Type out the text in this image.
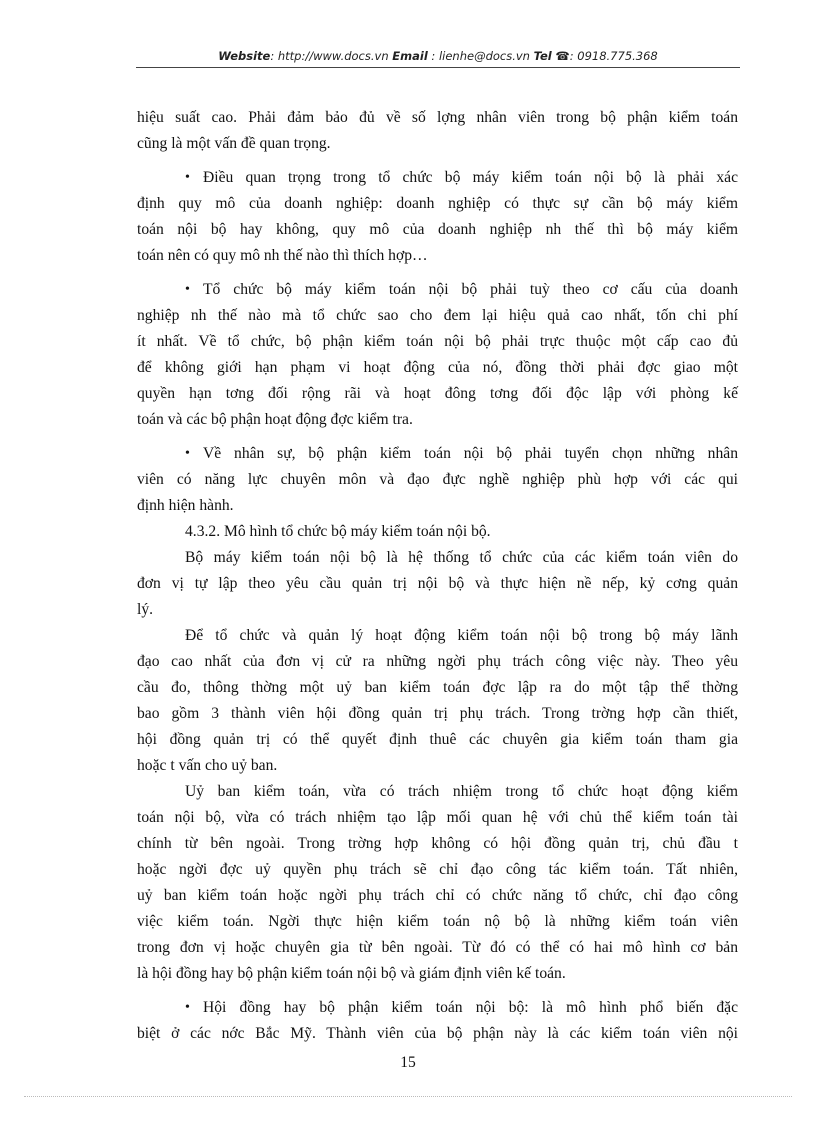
Website: http://www.docs.vn Email : lienhe@docs.vn Tel ☎: 0918.775.368

hiệu suất cao. Phải đảm bảo đủ về số lợng nhân viên trong bộ phận kiểm toán

cũng là một vấn đề quan trọng.

• Điều quan trọng trong tổ chức bộ máy kiểm toán nội bộ là phải xác

định quy mô của doanh nghiệp: doanh nghiệp có thực sự cần bộ máy kiểm

toán nội bộ hay không, quy mô của doanh nghiệp nh thế thì bộ máy kiểm

toán nên có quy mô nh thế nào thì thích hợp…

• Tổ chức bộ máy kiểm toán nội bộ phải tuỳ theo cơ cấu của doanh

nghiệp nh thế nào mà tổ chức sao cho đem lại hiệu quả cao nhất, tốn chi phí

ít nhất. Về tổ chức, bộ phận kiểm toán nội bộ phải trực thuộc một cấp cao đủ

để không giới hạn phạm vi hoạt động của nó, đồng thời phải đợc giao một

quyền hạn tơng đối rộng rãi và hoạt đông tơng đối độc lập với phòng kế

toán và các bộ phận hoạt động đợc kiểm tra.

• Về nhân sự, bộ phận kiểm toán nội bộ phải tuyển chọn những nhân

viên có năng lực chuyên môn và đạo đực nghề nghiệp phù hợp với các qui

định hiện hành.

4.3.2. Mô hình tổ chức bộ máy kiểm toán nội bộ.

Bộ máy kiểm toán nội bộ là hệ thống tổ chức của các kiểm toán viên do

đơn vị tự lập theo yêu cầu quản trị nội bộ và thực hiện nề nếp, kỷ cơng quản

lý.

Để tổ chức và quản lý hoạt động kiểm toán nội bộ trong bộ máy lãnh

đạo cao nhất của đơn vị cử ra những ngời phụ trách công việc này. Theo yêu

cầu đo, thông thờng một uỷ ban kiểm toán đợc lập ra do một tập thể thờng

bao gồm 3 thành viên hội đồng quản trị phụ trách. Trong trờng hợp cần thiết,

hội đồng quản trị có thể quyết định thuê các chuyên gia kiểm toán tham gia

hoặc t vấn cho uỷ ban.

Uỷ ban kiểm toán, vừa có trách nhiệm trong tổ chức hoạt động kiểm

toán nội bộ, vừa có trách nhiệm tạo lập mối quan hệ với chủ thể kiểm toán tài

chính từ bên ngoài. Trong trờng hợp không có hội đồng quản trị, chủ đầu t

hoặc ngời đợc uỷ quyền phụ trách sẽ chỉ đạo công tác kiểm toán. Tất nhiên,

uỷ ban kiểm toán hoặc ngời phụ trách chỉ có chức năng tổ chức, chỉ đạo công

việc kiểm toán. Ngời thực hiện kiểm toán nộ bộ là những kiểm toán viên

trong đơn vị hoặc chuyên gia từ bên ngoài. Từ đó có thể có hai mô hình cơ bản

là hội đồng hay bộ phận kiểm toán nội bộ và giám định viên kế toán.

• Hội đồng hay bộ phận kiểm toán nội bộ: là mô hình phổ biến đặc

biệt ở các nớc Bắc Mỹ. Thành viên của bộ phận này là các kiểm toán viên nội

15
